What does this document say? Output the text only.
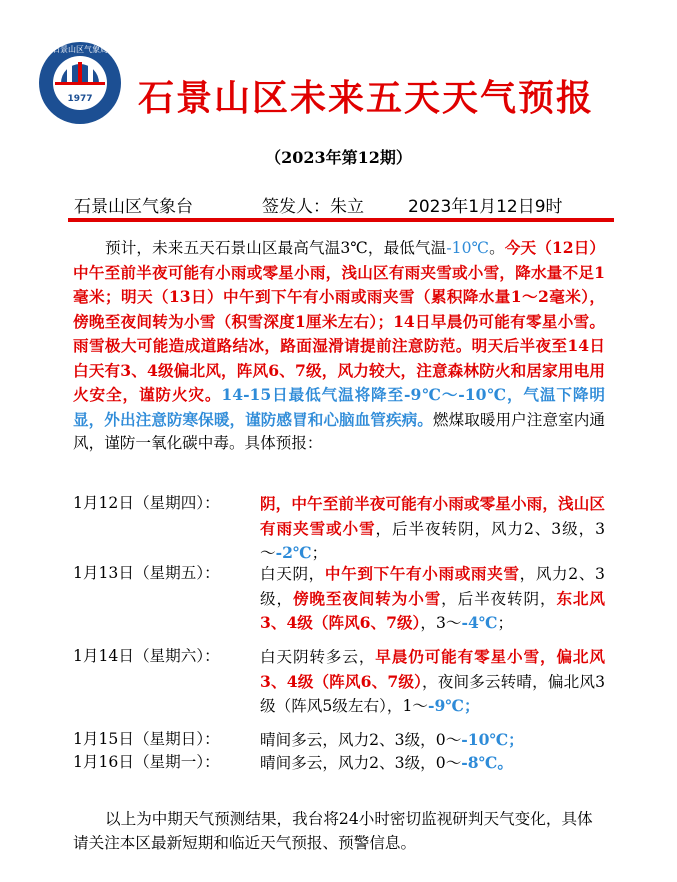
1977
石景山区气象局
石景山区未来五天天气预报
（2023年第12期）
石景山区气象台	签发人：朱立	2023年1月12日9时
预计，未来五天石景山区最高气温3℃，最低气温-10℃。今天（12日）中午至前半夜可能有小雨或零星小雨，浅山区有雨夹雪或小雪，降水量不足1毫米；明天（13日）中午到下午有小雨或雨夹雪（累积降水量1～2毫米），傍晚至夜间转为小雪（积雪深度1厘米左右）；14日早晨仍可能有零星小雪。雨雪极大可能造成道路结冰，路面湿滑请提前注意防范。明天后半夜至14日白天有3、4级偏北风，阵风6、7级，风力较大，注意森林防火和居家用电用火安全，谨防火灾。14-15日最低气温将降至-9℃～-10℃，气温下降明显，外出注意防寒保暖，谨防感冒和心脑血管疾病。燃煤取暖用户注意室内通风，谨防一氧化碳中毒。具体预报：
1月12日（星期四）：	阴，中午至前半夜可能有小雨或零星小雨，浅山区有雨夹雪或小雪，后半夜转阴，风力2、3级，3～-2℃；
1月13日（星期五）：	白天阴，中午到下午有小雨或雨夹雪，风力2、3级，傍晚至夜间转为小雪，后半夜转阴，东北风3、4级（阵风6、7级），3～-4℃；
1月14日（星期六）：	白天阴转多云，早晨仍可能有零星小雪，偏北风3、4级（阵风6、7级），夜间多云转晴，偏北风3级（阵风5级左右），1～-9℃；
1月15日（星期日）：	晴间多云，风力2、3级，0～-10℃；
1月16日（星期一）：	晴间多云，风力2、3级，0～-8℃。
以上为中期天气预测结果，我台将24小时密切监视研判天气变化，具体请关注本区最新短期和临近天气预报、预警信息。
